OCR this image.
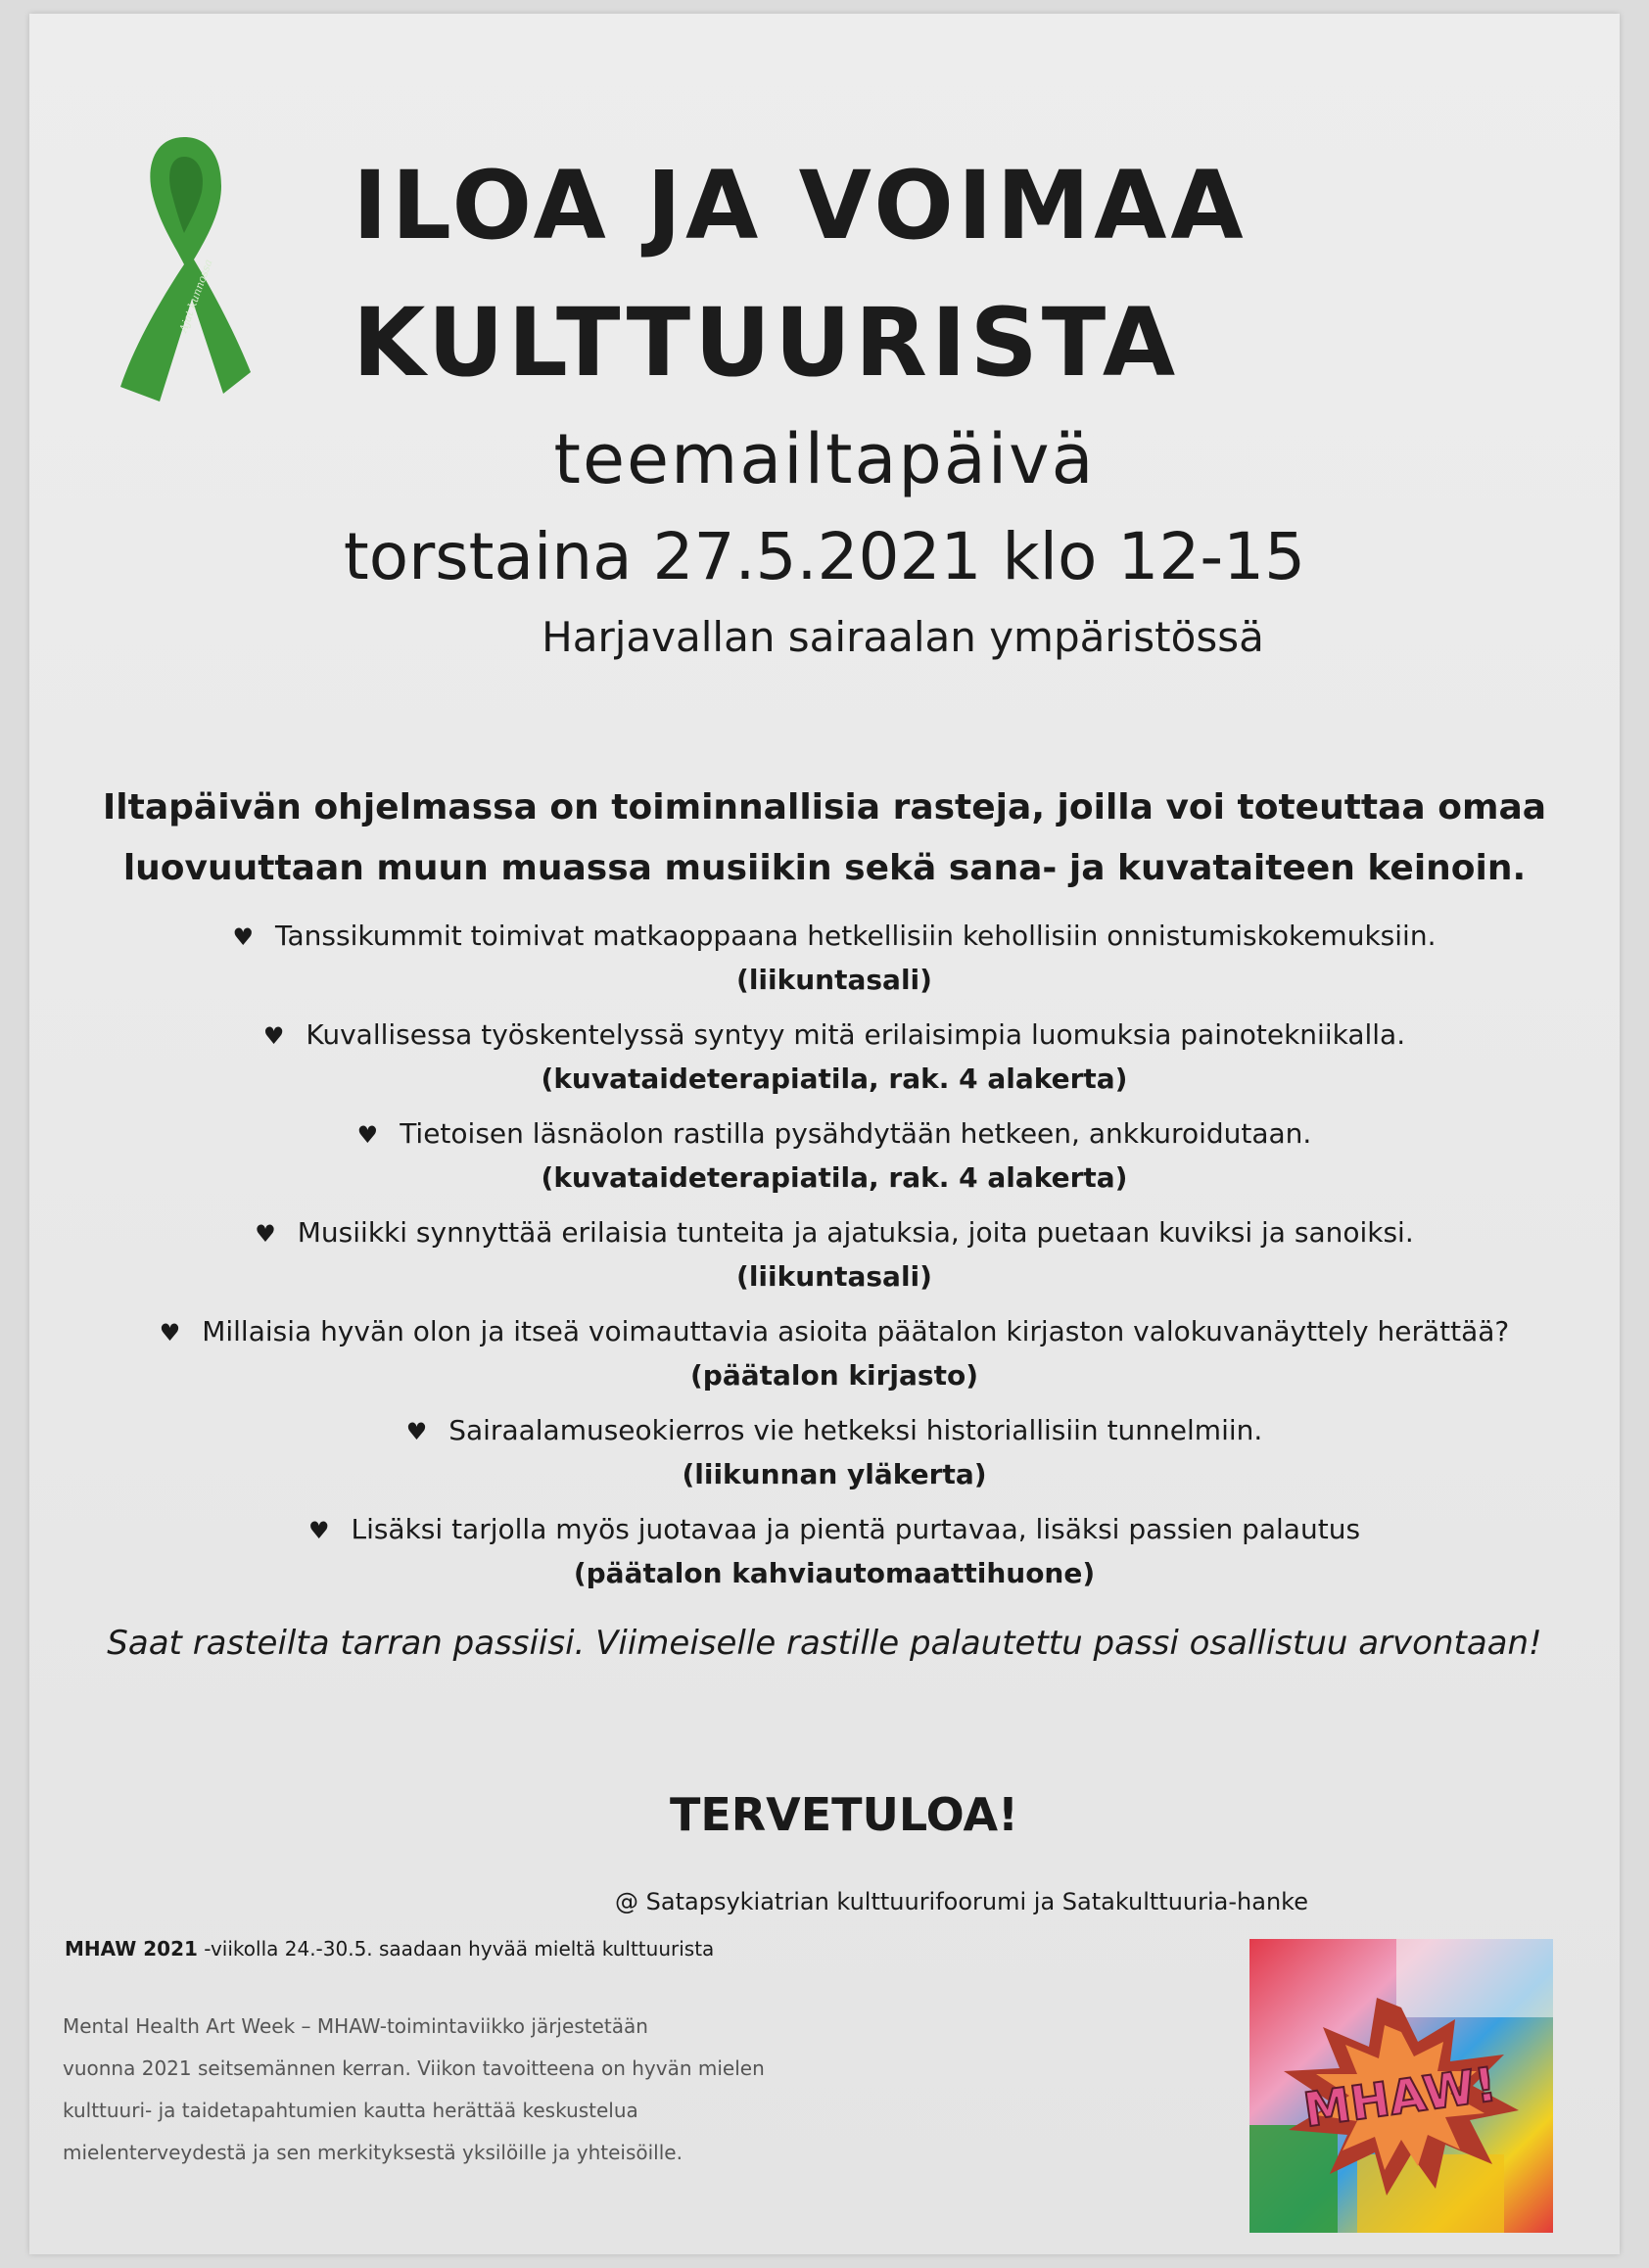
Ajat kunnossa
ILOA JA VOIMAA
KULTTUURISTA
teemailtapäivä
torstaina 27.5.2021 klo 12-15
Harjavallan sairaalan ympäristössä
Iltapäivän ohjelmassa on toiminnallisia rasteja, joilla voi toteuttaa omaa luovuuttaan muun muassa musiikin sekä sana- ja kuvataiteen keinoin.
♥ Tanssikummit toimivat matkaoppaana hetkellisiin kehollisiin onnistumiskokemuksiin.
(liikuntasali)
♥ Kuvallisessa työskentelyssä syntyy mitä erilaisimpia luomuksia painotekniikalla.
(kuvataideterapiatila, rak. 4 alakerta)
♥ Tietoisen läsnäolon rastilla pysähdytään hetkeen, ankkuroidutaan.
(kuvataideterapiatila, rak. 4 alakerta)
♥ Musiikki synnyttää erilaisia tunteita ja ajatuksia, joita puetaan kuviksi ja sanoiksi.
(liikuntasali)
♥ Millaisia hyvän olon ja itseä voimauttavia asioita päätalon kirjaston valokuvanäyttely herättää?
(päätalon kirjasto)
♥ Sairaalamuseokierros vie hetkeksi historiallisiin tunnelmiin.
(liikunnan yläkerta)
♥ Lisäksi tarjolla myös juotavaa ja pientä purtavaa, lisäksi passien palautus
(päätalon kahviautomaattihuone)
Saat rasteilta tarran passiisi. Viimeiselle rastille palautettu passi osallistuu arvontaan!
TERVETULOA!
@ Satapsykiatrian kulttuurifoorumi ja Satakulttuuria-hanke
MHAW 2021 -viikolla 24.-30.5. saadaan hyvää mieltä kulttuurista
Mental Health Art Week – MHAW-toimintaviikko järjestetään
vuonna 2021 seitsemännen kerran. Viikon tavoitteena on hyvän mielen
kulttuuri- ja taidetapahtumien kautta herättää keskustelua
mielenterveydestä ja sen merkityksestä yksilöille ja yhteisöille.
MHAW!
